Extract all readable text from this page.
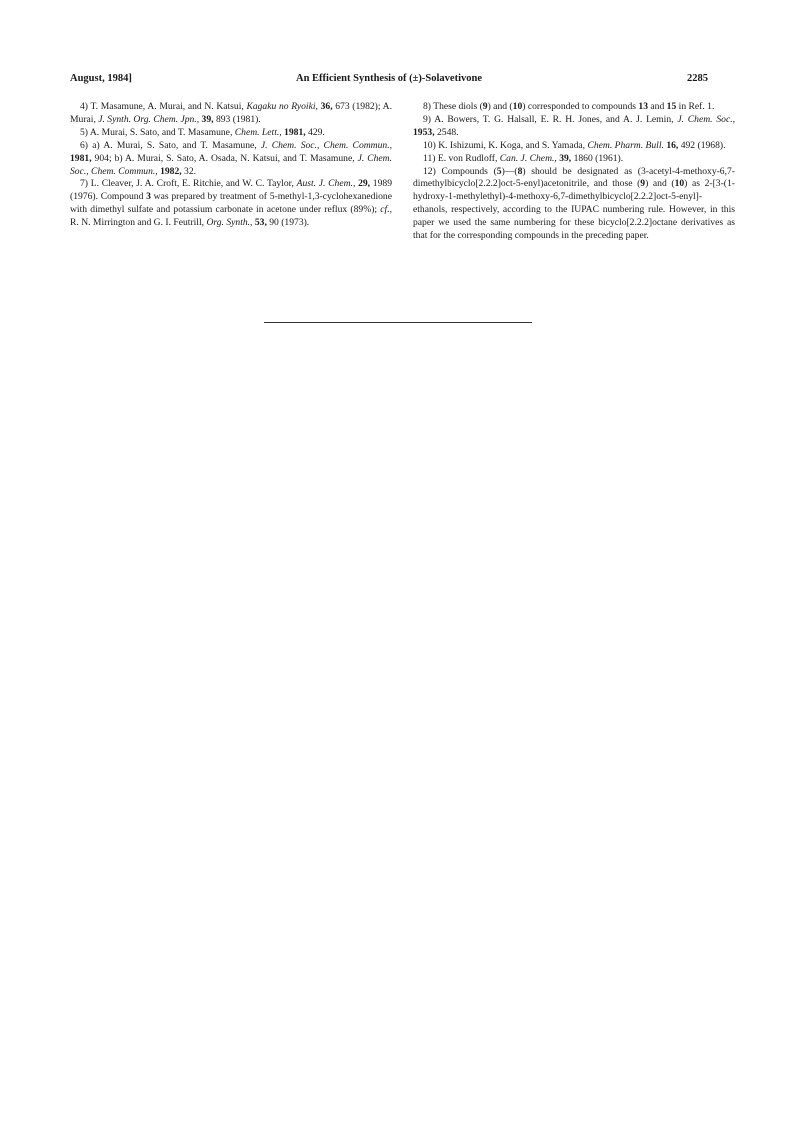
August, 1984]	An Efficient Synthesis of (±)-Solavetivone	2285

4) T. Masamune, A. Murai, and N. Katsui, Kagaku no Ryoiki, 36, 673 (1982); A. Murai, J. Synth. Org. Chem. Jpn., 39, 893 (1981).

5) A. Murai, S. Sato, and T. Masamune, Chem. Lett., 1981, 429.

6) a) A. Murai, S. Sato, and T. Masamune, J. Chem. Soc., Chem. Commun., 1981, 904; b) A. Murai, S. Sato, A. Osada, N. Katsui, and T. Masamune, J. Chem. Soc., Chem. Commun., 1982, 32.

7) L. Cleaver, J. A. Croft, E. Ritchie, and W. C. Taylor, Aust. J. Chem., 29, 1989 (1976). Compound 3 was prepared by treatment of 5-methyl-1,3-cyclohexanedione with dimethyl sulfate and potassium carbonate in acetone under reflux (89%); cf., R. N. Mirrington and G. I. Feutrill, Org. Synth., 53, 90 (1973).

8) These diols (9) and (10) corresponded to compounds 13 and 15 in Ref. 1.

9) A. Bowers, T. G. Halsall, E. R. H. Jones, and A. J. Lemin, J. Chem. Soc., 1953, 2548.

10) K. Ishizumi, K. Koga, and S. Yamada, Chem. Pharm. Bull. 16, 492 (1968).

11) E. von Rudloff, Can. J. Chem., 39, 1860 (1961).

12) Compounds (5)—(8) should be designated as (3-acetyl-4-methoxy-6,7-dimethylbicyclo[2.2.2]oct-5-enyl)acetonitrile, and those (9) and (10) as 2-[3-(1-hydroxy-1-methylethyl)-4-methoxy-6,7-dimethylbicyclo[2.2.2]oct-5-enyl]-ethanols, respectively, according to the IUPAC numbering rule. However, in this paper we used the same numbering for these bicyclo[2.2.2]octane derivatives as that for the corresponding compounds in the preceding paper.
